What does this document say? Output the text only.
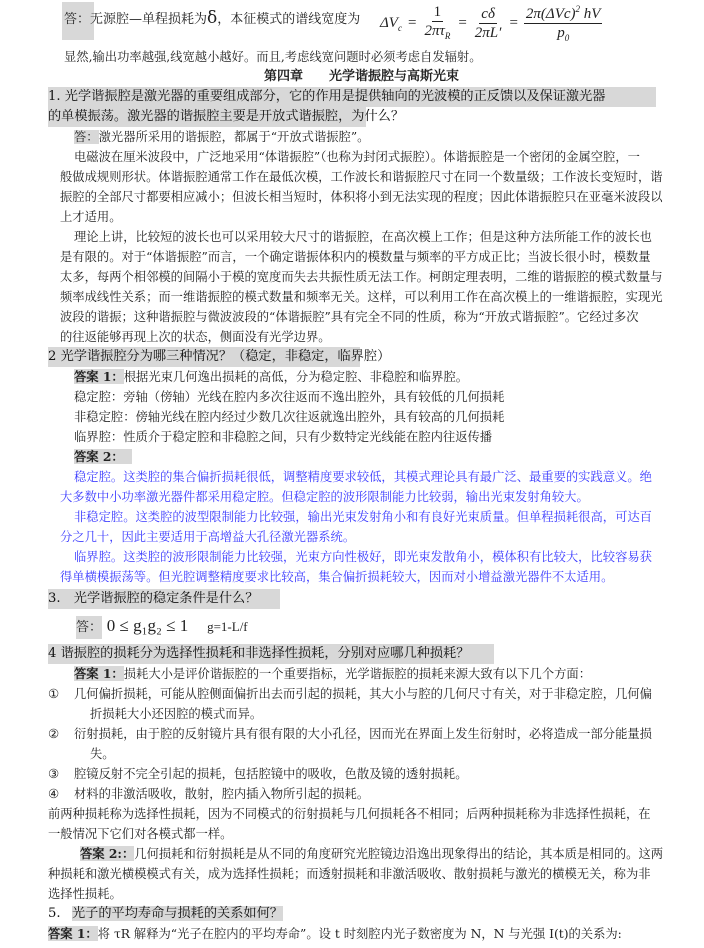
答：无源腔—单程损耗为δ，本征模式的谱线宽度为 $\Delta V_c = \frac{1}{2\pi\tau_R} = \frac{c\delta}{2\pi L'} = \frac{2\pi(\Delta Vc)^2 hV}{p_0}$
显然,输出功率越强,线宽越小越好。而且,考虑线宽问题时必须考虑自发辐射。
第四章　　光学谐振腔与高斯光束
1. 光学谐振腔是激光器的重要组成部分，它的作用是提供轴向的光波模的正反馈以及保证激光器
的单模振荡。激光器的谐振腔主要是开放式谐振腔，为什么？
答：激光器所采用的谐振腔，都属于“开放式谐振腔”。
电磁波在厘米波段中，广泛地采用“体谐振腔”（也称为封闭式振腔）。体谐振腔是一个密闭的金属空腔，一
般做成规则形状。体谐振腔通常工作在最低次模，工作波长和谐振腔尺寸在同一个数量级；工作波长变短时，谐
振腔的全部尺寸都要相应减小；但波长相当短时，体积将小到无法实现的程度；因此体谐振腔只在亚毫米波段以
上才适用。
理论上讲，比较短的波长也可以采用较大尺寸的谐振腔，在高次模上工作；但是这种方法所能工作的波长也
是有限的。对于“体谐振腔”而言，一个确定谐振体积内的模数量与频率的平方成正比；当波长很小时，模数量
太多，每两个相邻模的间隔小于模的宽度而失去共振性质无法工作。柯朗定理表明，二维的谐振腔的模式数量与
频率成线性关系；而一维谐振腔的模式数量和频率无关。这样，可以利用工作在高次模上的一维谐振腔，实现光
波段的谐振；这种谐振腔与微波波段的“体谐振腔”具有完全不同的性质，称为“开放式谐振腔”。它经过多次
的往返能够再现上次的状态，侧面没有光学边界。
2 光学谐振腔分为哪三种情况？（稳定，非稳定，临界腔）
答案 1：根据光束几何逸出损耗的高低，分为稳定腔、非稳腔和临界腔。
稳定腔：旁轴（傍轴）光线在腔内多次往返而不逸出腔外，具有较低的几何损耗
非稳定腔：傍轴光线在腔内经过少数几次往返就逸出腔外，具有较高的几何损耗
临界腔：性质介于稳定腔和非稳腔之间，只有少数特定光线能在腔内往返传播
答案 2：
稳定腔。这类腔的集合偏折损耗很低，调整精度要求较低，其模式理论具有最广泛、最重要的实践意义。绝
大多数中小功率激光器件都采用稳定腔。但稳定腔的波形限制能力比较弱，输出光束发射角较大。
非稳定腔。这类腔的波型限制能力比较强，输出光束发射角小和有良好光束质量。但单程损耗很高，可达百
分之几十，因此主要适用于高增益大孔径激光器系统。
临界腔。这类腔的波形限制能力比较强，光束方向性极好，即光束发散角小，模体积有比较大，比较容易获
得单横模振荡等。但光腔调整精度要求比较高，集合偏折损耗较大，因而对小增益激光器件不太适用。
3.　光学谐振腔的稳定条件是什么？
答： 0 ≤ g₁g₂ ≤ 1 g=1-L/f
4 谐振腔的损耗分为选择性损耗和非选择性损耗，分别对应哪几种损耗？
答案 1：损耗大小是评价谐振腔的一个重要指标，光学谐振腔的损耗来源大致有以下几个方面：
① 几何偏折损耗，可能从腔侧面偏折出去而引起的损耗，其大小与腔的几何尺寸有关，对于非稳定腔，几何偏
折损耗大小还因腔的模式而异。
② 衍射损耗，由于腔的反射镜片具有很有限的大小孔径，因而光在界面上发生衍射时，必将造成一部分能量损
失。
③ 腔镜反射不完全引起的损耗，包括腔镜中的吸收，色散及镜的透射损耗。
④ 材料的非激活吸收，散射，腔内插入物所引起的损耗。
前两种损耗称为选择性损耗，因为不同模式的衍射损耗与几何损耗各不相同；后两种损耗称为非选择性损耗，在
一般情况下它们对各模式都一样。
答案 2:：几何损耗和衍射损耗是从不同的角度研究光腔镜边沿逸出现象得出的结论，其本质是相同的。这两
种损耗和激光横模模式有关，成为选择性损耗；而透射损耗和非激活吸收、散射损耗与激光的横模无关，称为非
选择性损耗。
5. 光子的平均寿命与损耗的关系如何？
答案 1：将 τR 解释为“光子在腔内的平均寿命”。设 t 时刻腔内光子数密度为 N，N 与光强 I(t)的关系为:
